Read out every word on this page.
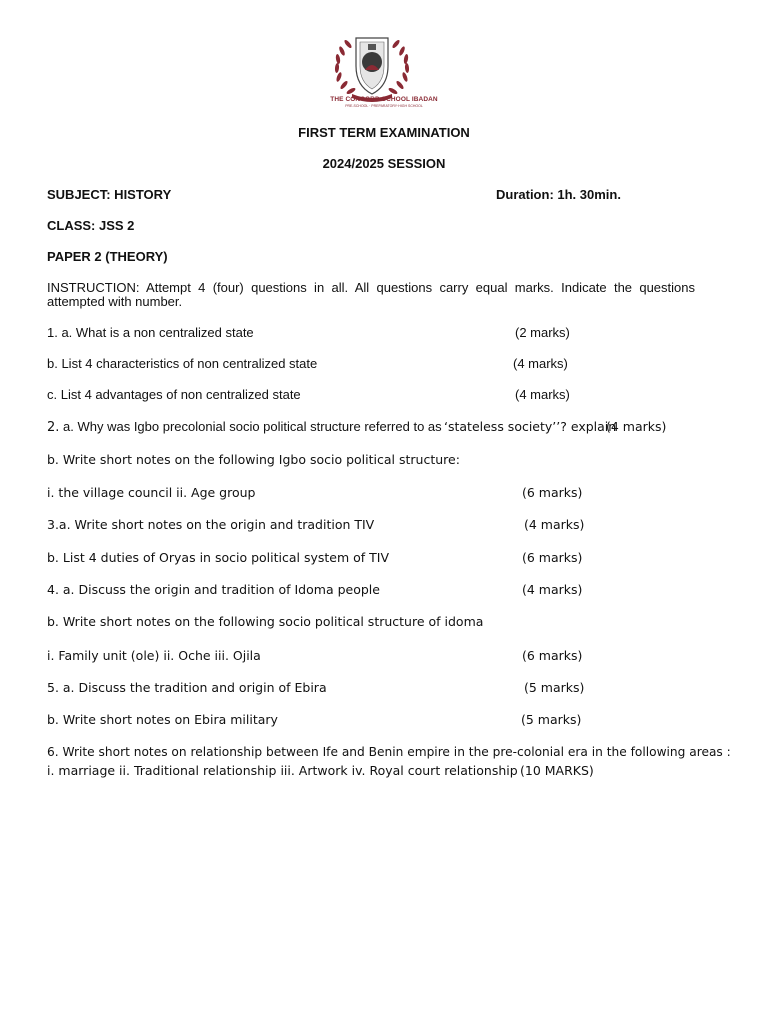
THE CONCORD SCHOOL IBADAN
PRE-SCHOOL · PREPARATORY·HIGH SCHOOL
FIRST TERM EXAMINATION
2024/2025 SESSION
SUBJECT: HISTORY	Duration: 1h. 30min.
CLASS: JSS 2
PAPER 2 (THEORY)
INSTRUCTION: Attempt 4 (four) questions in all. All questions carry equal marks. Indicate the questions attempted with number.
1. a. What is a non centralized state	(2 marks)
b. List 4 characteristics of non centralized state	(4 marks)
c. List 4 advantages of non centralized state	(4 marks)
2. a. Why was Igbo precolonial socio political structure referred to as ‘stateless society’’? explain
(4 marks)
b. Write short notes on the following Igbo socio political structure:
i. the village council ii. Age group	(6 marks)
3.a. Write short notes on the origin and tradition TIV	(4 marks)
b. List 4 duties of Oryas in socio political system of TIV	(6 marks)
4. a. Discuss the origin and tradition of Idoma people	(4 marks)
b. Write short notes on the following socio political structure of idoma
i. Family unit (ole) ii. Oche iii. Ojila	(6 marks)
5. a. Discuss the tradition and origin of Ebira	(5 marks)
b. Write short notes on Ebira military	(5 marks)
6. Write short notes on relationship between Ife and Benin empire in the pre-colonial era in the following areas :
i. marriage ii. Traditional relationship iii. Artwork iv. Royal court relationship (10 MARKS)
